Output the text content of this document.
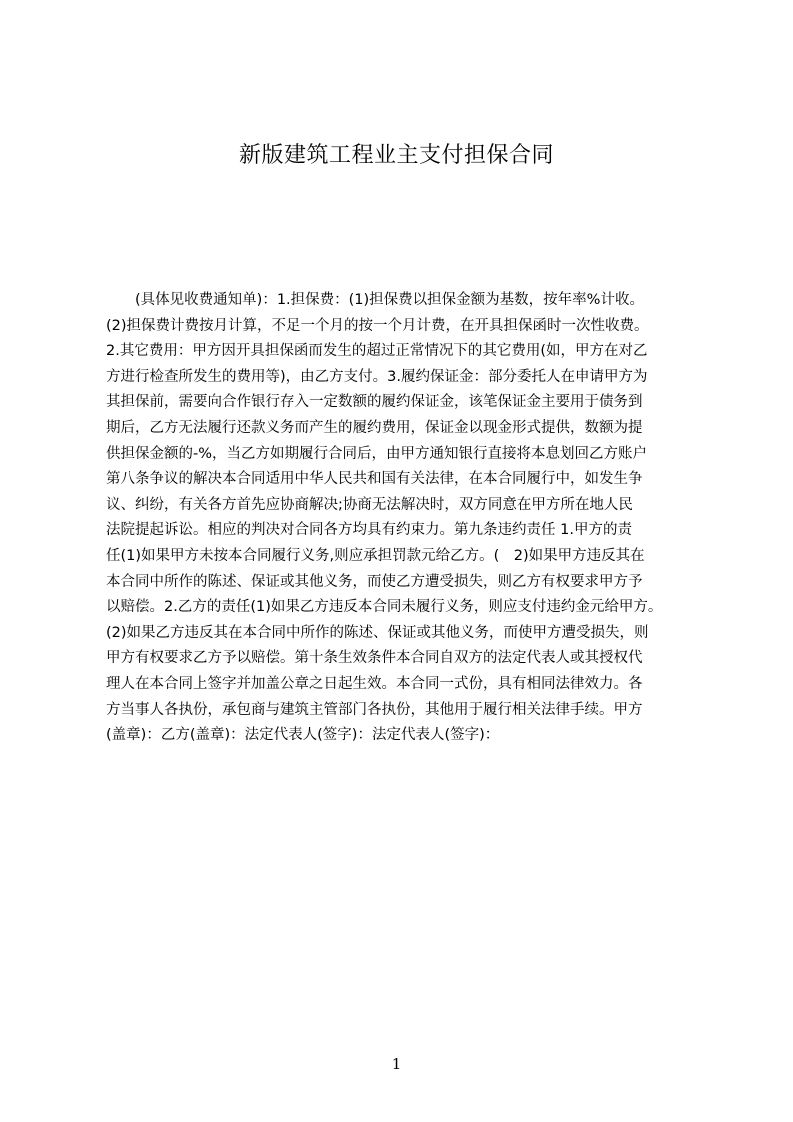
新版建筑工程业主支付担保合同
(具体见收费通知单)：1.担保费：(1)担保费以担保金额为基数，按年率%计收。
(2)担保费计费按月计算，不足一个月的按一个月计费，在开具担保函时一次性收费。
2.其它费用：甲方因开具担保函而发生的超过正常情况下的其它费用(如，甲方在对乙
方进行检查所发生的费用等)，由乙方支付。3.履约保证金：部分委托人在申请甲方为
其担保前，需要向合作银行存入一定数额的履约保证金，该笔保证金主要用于债务到
期后，乙方无法履行还款义务而产生的履约费用，保证金以现金形式提供，数额为提
供担保金额的-%，当乙方如期履行合同后，由甲方通知银行直接将本息划回乙方账户
第八条争议的解决本合同适用中华人民共和国有关法律，在本合同履行中，如发生争
议、纠纷，有关各方首先应协商解决;协商无法解决时，双方同意在甲方所在地人民
法院提起诉讼。相应的判决对合同各方均具有约束力。第九条违约责任 1.甲方的责
任(1)如果甲方未按本合同履行义务,则应承担罚款元给乙方。(　2)如果甲方违反其在
本合同中所作的陈述、保证或其他义务，而使乙方遭受损失，则乙方有权要求甲方予
以赔偿。2.乙方的责任(1)如果乙方违反本合同未履行义务，则应支付违约金元给甲方。
(2)如果乙方违反其在本合同中所作的陈述、保证或其他义务，而使甲方遭受损失，则
甲方有权要求乙方予以赔偿。第十条生效条件本合同自双方的法定代表人或其授权代
理人在本合同上签字并加盖公章之日起生效。本合同一式份，具有相同法律效力。各
方当事人各执份，承包商与建筑主管部门各执份，其他用于履行相关法律手续。甲方
(盖章)：乙方(盖章)：法定代表人(签字)：法定代表人(签字)：
1
